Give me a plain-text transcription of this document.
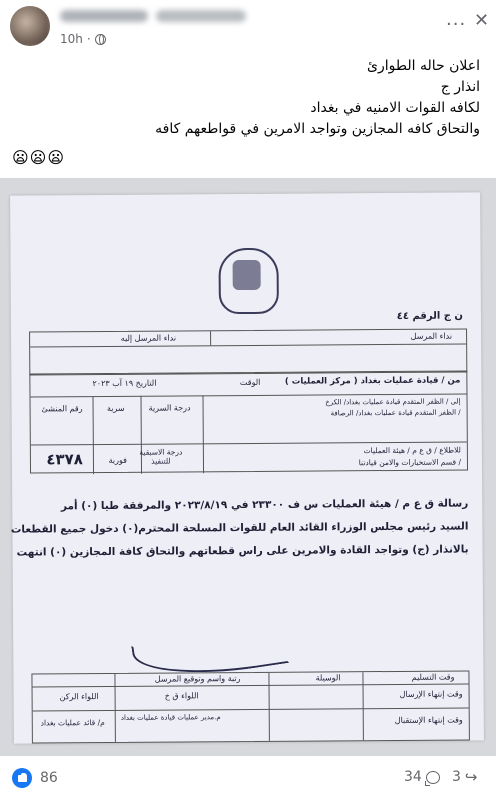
10h ·
··· ✕
اعلان حاله الطوارئ
انذار ج
لكافه القوات الامنيه في بغداد
والتحاق كافه المجازين وتواجد الامرين في قواطعهم كافه
😦😦😦
ن ج الرقم ٤٤
نداء المرسل
نداء المرسل إليه
من / قيادة عمليات بغداد ( مركز العمليات )
الوقت
التاريخ ١٩ آب ٢٠٢٣
إلى / الظفر المتقدم قيادة عمليات بغداد/ الكرخ
/ الظفر المتقدم قيادة عمليات بغداد/ الرصافة
درجة السرية
سرية
رقم المنشئ
للاطلاع / ق ع م / هيئة العمليات
/ قسم الاستخبارات والامن قيادتنا
درجة الاسبقية للتنفيذ
فورية
٤٣٧٨
رسالة ق ع م / هيئة العمليات س ف ٢٣٣٠٠ في ٢٠٢٣/٨/١٩ والمرفقة طيا (٠) أمر
السيد رئيس مجلس الوزراء القائد العام للقوات المسلحة المحترم(٠) دخول جميع القطعات
بالانذار (ج) وتواجد القادة والامرين على راس قطعاتهم والتحاق كافة المجازين (٠) انتهت
وقت التسليم
الوسيلة
رتبة واسم وتوقيع المرسل
وقت إنتهاء الإرسال
وقت إنتهاء الإستقبال
اللواء ق خ
م.مدير عمليات قيادة عمليات بغداد
اللواء الركن
م/ قائد عمليات بغداد
86	34 3 ↪
